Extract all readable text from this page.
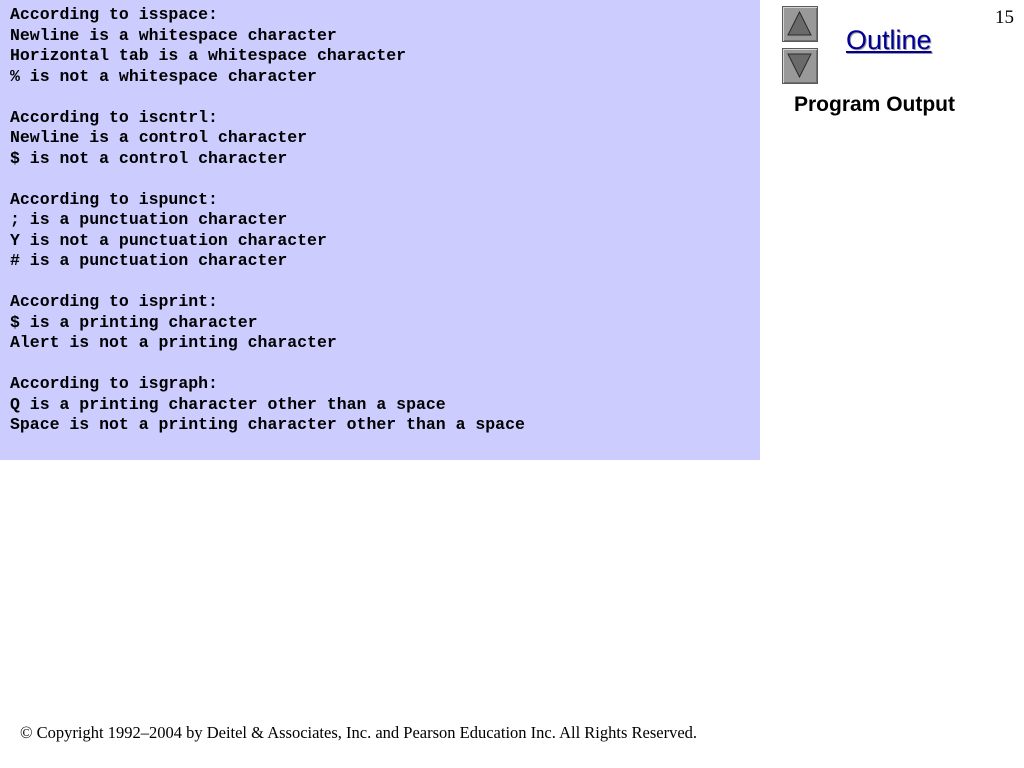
According to isspace:
Newline is a whitespace character
Horizontal tab is a whitespace character
% is not a whitespace character
According to iscntrl:
Newline is a control character
$ is not a control character
According to ispunct:
; is a punctuation character
Y is not a punctuation character
# is a punctuation character
According to isprint:
$ is a printing character
Alert is not a printing character
According to isgraph:
Q is a printing character other than a space
Space is not a printing character other than a space
Outline
15
Program Output
© Copyright 1992–2004 by Deitel & Associates, Inc. and Pearson Education Inc. All Rights Reserved.
